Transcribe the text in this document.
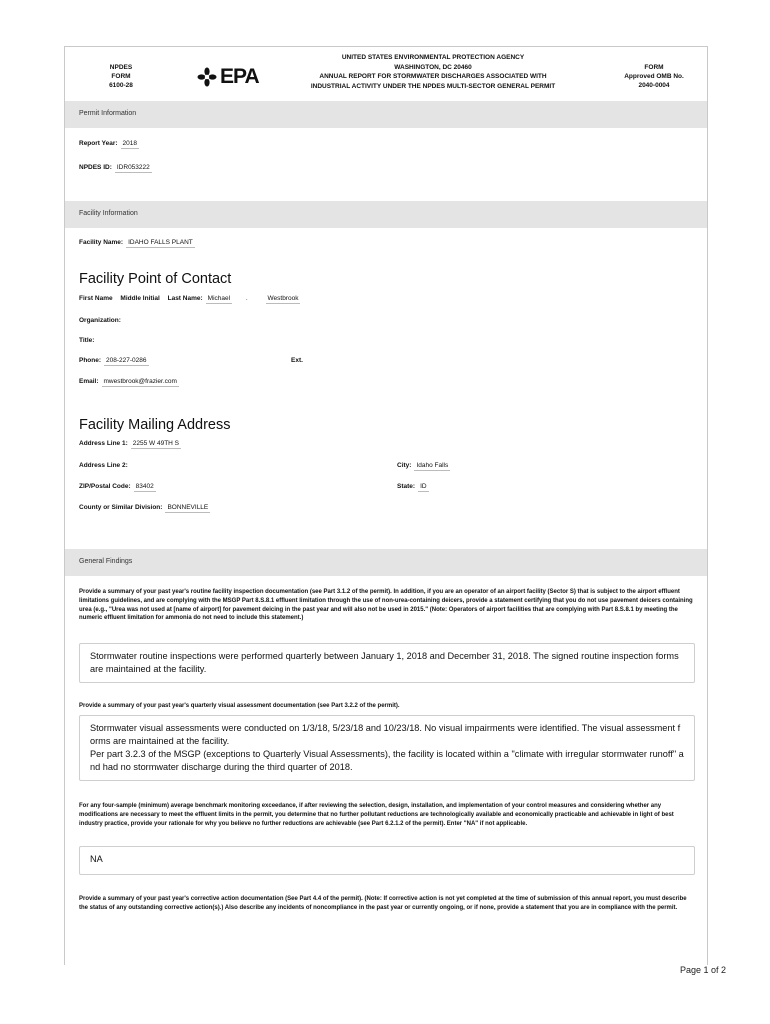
NPDES
FORM
6100-28	EPA
UNITED STATES ENVIRONMENTAL PROTECTION AGENCY
WASHINGTON, DC 20460
ANNUAL REPORT FOR STORMWATER DISCHARGES ASSOCIATED WITH
INDUSTRIAL ACTIVITY UNDER THE NPDES MULTI-SECTOR GENERAL PERMIT
FORM
Approved OMB No.
2040-0004
Permit Information
Report Year: 2018
NPDES ID: IDR053222
Facility Information
Facility Name: IDAHO FALLS PLANT
Facility Point of Contact
First Name Middle Initial Last Name: Michael .	Westbrook
Organization:
Title:
Phone: 208-227-0286	Ext.
Email: mwestbrook@frazier.com
Facility Mailing Address
Address Line 1: 2255 W 49TH S
Address Line 2:	City: Idaho Falls
ZIP/Postal Code: 83402	State: ID
County or Similar Division: BONNEVILLE
General Findings
Provide a summary of your past year's routine facility inspection documentation (see Part 3.1.2 of the permit). In addition, if you are an operator of an airport facility (Sector S) that is subject to the airport effluent limitations guidelines, and are complying with the MSGP Part 8.S.8.1 effluent limitation through the use of non-urea-containing deicers, provide a statement certifying that you do not use pavement deicers containing urea (e.g., "Urea was not used at [name of airport] for pavement deicing in the past year and will also not be used in 2015." (Note: Operators of airport facilities that are complying with Part 8.S.8.1 by meeting the numeric effluent limitation for ammonia do not need to include this statement.)
Stormwater routine inspections were performed quarterly between January 1, 2018 and December 31, 2018. The signed routine inspection forms are maintained at the facility.
Provide a summary of your past year's quarterly visual assessment documentation (see Part 3.2.2 of the permit).
Stormwater visual assessments were conducted on 1/3/18, 5/23/18 and 10/23/18. No visual impairments were identified. The visual assessment forms are maintained at the facility.
Per part 3.2.3 of the MSGP (exceptions to Quarterly Visual Assessments), the facility is located within a "climate with irregular stormwater runoff" and had no stormwater discharge during the third quarter of 2018.
For any four-sample (minimum) average benchmark monitoring exceedance, if after reviewing the selection, design, installation, and implementation of your control measures and considering whether any modifications are necessary to meet the effluent limits in the permit, you determine that no further pollutant reductions are technologically available and economically practicable and achievable in light of best industry practice, provide your rationale for why you believe no further reductions are achievable (see Part 6.2.1.2 of the permit). Enter "NA" if not applicable.
NA
Provide a summary of your past year's corrective action documentation (See Part 4.4 of the permit). (Note: If corrective action is not yet completed at the time of submission of this annual report, you must describe the status of any outstanding corrective action(s).) Also describe any incidents of noncompliance in the past year or currently ongoing, or if none, provide a statement that you are in compliance with the permit.
Page 1 of 2
